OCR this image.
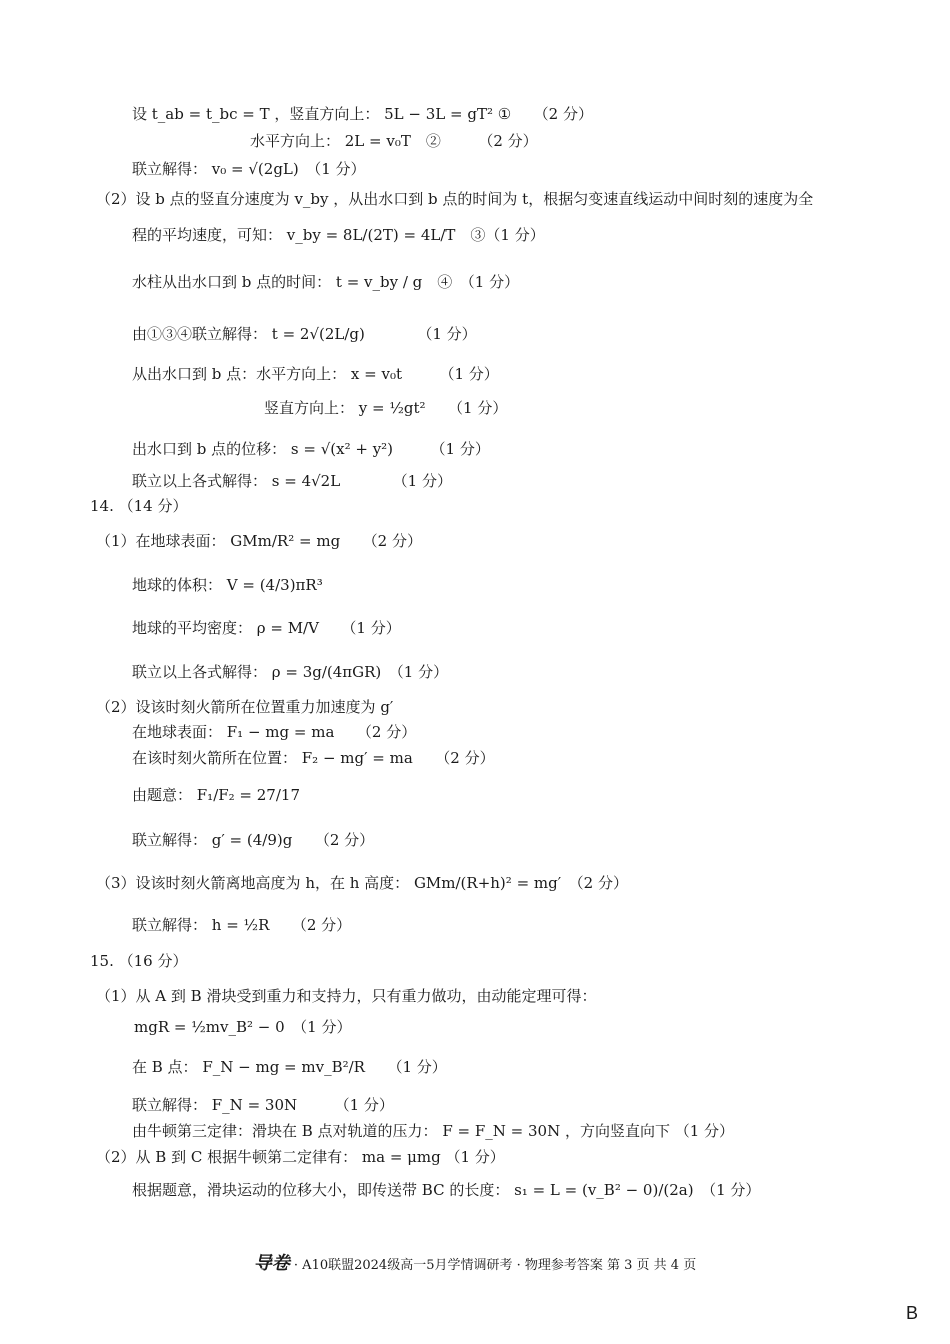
设 t_ab = t_bc = T ，竖直方向上： 5L − 3L = gT² ①　　（2 分）
水平方向上： 2L = v₀T　②　　　（2 分）
联立解得： v₀ = √(2gL)　（1 分）
（2）设 b 点的竖直分速度为 v_by ，从出水口到 b 点的时间为 t，根据匀变速直线运动中间时刻的速度为全
程的平均速度，可知： v_by = 8L/(2T) = 4L/T　③（1 分）
水柱从出水口到 b 点的时间： t = v_by / g　④　（1 分）
由①③④联立解得： t = 2√(2L/g)　　　　（1 分）
从出水口到 b 点：水平方向上： x = v₀t　　　（1 分）
竖直方向上： y = ½gt²　　（1 分）
出水口到 b 点的位移： s = √(x² + y²)　　　（1 分）
联立以上各式解得： s = 4√2L　　　　（1 分）
14. （14 分）
（1）在地球表面： GMm/R² = mg　　（2 分）
地球的体积： V = (4/3)πR³
地球的平均密度： ρ = M/V　　（1 分）
联立以上各式解得： ρ = 3g/(4πGR)　（1 分）
（2）设该时刻火箭所在位置重力加速度为 g′
在地球表面： F₁ − mg = ma　　（2 分）
在该时刻火箭所在位置： F₂ − mg′ = ma　　（2 分）
由题意： F₁/F₂ = 27/17
联立解得： g′ = (4/9)g　　（2 分）
（3）设该时刻火箭离地高度为 h，在 h 高度： GMm/(R+h)² = mg′　（2 分）
联立解得： h = ½R　　（2 分）
15. （16 分）
（1）从 A 到 B 滑块受到重力和支持力，只有重力做功，由动能定理可得：
mgR = ½mv_B² − 0　（1 分）
在 B 点： F_N − mg = mv_B²/R　　（1 分）
联立解得： F_N = 30N　　　（1 分）
由牛顿第三定律：滑块在 B 点对轨道的压力： F = F_N = 30N ，方向竖直向下 （1 分）
（2）从 B 到 C 根据牛顿第二定律有： ma = μmg （1 分）
根据题意，滑块运动的位移大小，即传送带 BC 的长度： s₁ = L = (v_B² − 0)/(2a)　（1 分）
导卷 · A10联盟2024级高一5月学情调研考 · 物理参考答案 第 3 页 共 4 页
B
